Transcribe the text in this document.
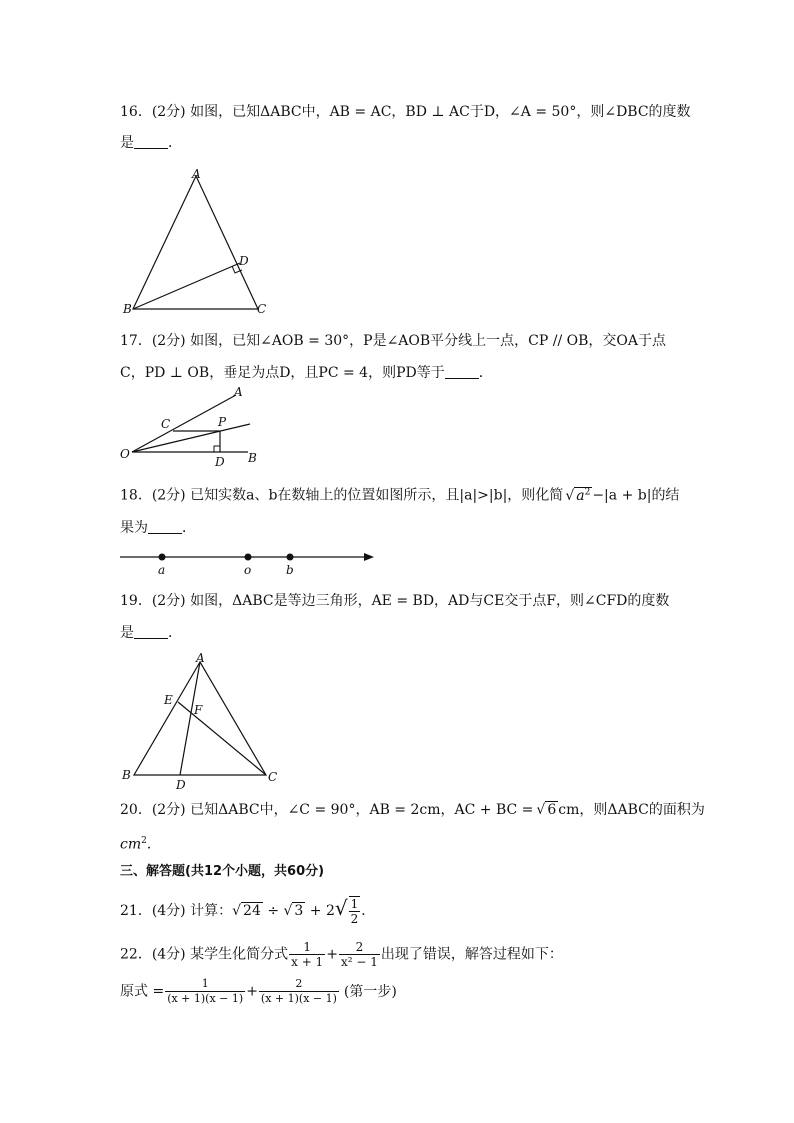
16．(2分) 如图，已知ΔABC中，AB = AC，BD ⊥ AC于D，∠A = 50°，则∠DBC的度数
是 ．
A
B	C
D
17．(2分) 如图，已知∠AOB = 30°，P是∠AOB平分线上一点，CP // OB，交OA于点
C，PD ⊥ OB，垂足为点D，且PC = 4，则PD等于 ．
A
O	B
C	P
D
18．(2分) 已知实数a、b在数轴上的位置如图所示，且|a|>|b|，则化简 √ $a^2 -|a + b|$的结
果为 ．
a	o	b
19．(2分) 如图，ΔABC是等边三角形，AE = BD，AD与CE交于点F，则∠CFD的度数
是 ．
A
B	C
D
E
F
20．(2分) 已知ΔABC中，∠C = 90°，AB = 2cm，AC + BC = √ 6 cm，则ΔABC的面积为
$cm^2$．
三、解答题(共12个小题，共60分)
21．(4分) 计算：√ 24 ÷ √ $3 + 2√ \frac{1}{2}$ ．
22．(4分) 某学生化简分式 $\frac{1}{x + 1} + \frac{2}{\text{x² − 1}}$ 出现了错误，解答过程如下：
原式 = $\frac{1}{(x + 1)(x - 1)} + \frac{2}{(x + 1)(x - 1)}$ (第一步)
